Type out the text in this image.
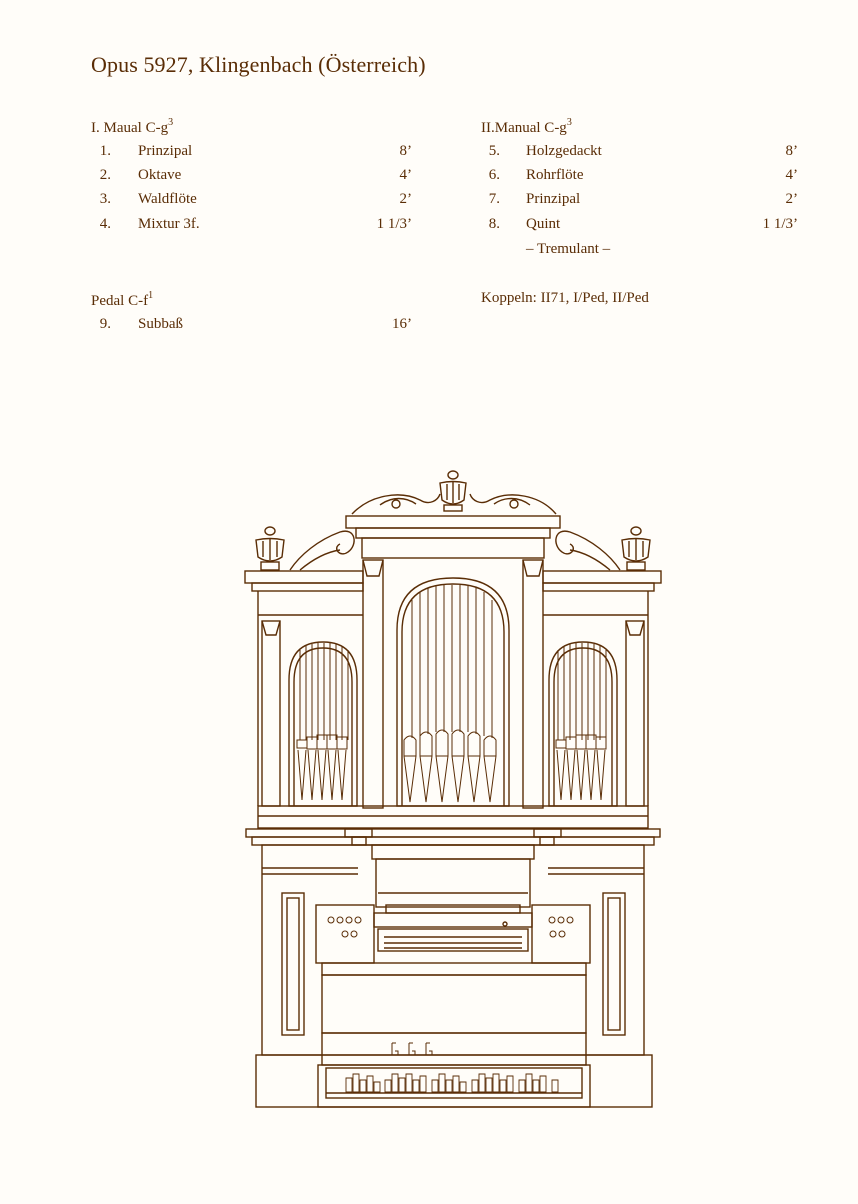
Opus 5927, Klingenbach (Österreich)
I. Maual $C-g^3$
1. Prinzipal	8’
2. Oktave	4’
3. Waldflöte	2’
4. Mixtur 3f.	1 1/3’
II.Manual $C-g^3$
5. Holzgedackt	8’
6. Rohrflöte	4’
7. Prinzipal	2’
8. Quint	1 1/3’
– Tremulant –
Pedal $C-f^1$
9. Subbaß	16’
Koppeln: II71, I/Ped, II/Ped
